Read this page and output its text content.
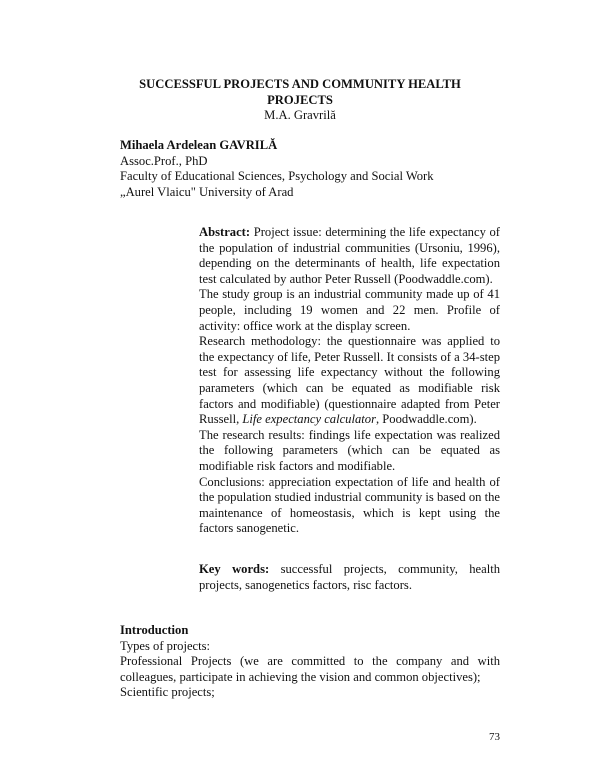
SUCCESSFUL PROJECTS AND COMMUNITY HEALTH PROJECTS
M.A. Gravrilă
Mihaela Ardelean GAVRILĂ
Assoc.Prof., PhD
Faculty of Educational Sciences, Psychology and Social Work
„Aurel Vlaicu" University of Arad

Abstract: Project issue: determining the life expectancy of the population of industrial communities (Ursoniu, 1996), depending on the determinants of health, life expectation test calculated by author Peter Russell (Poodwaddle.com).

The study group is an industrial community made up of 41 people, including 19 women and 22 men. Profile of activity: office work at the display screen.

Research methodology: the questionnaire was applied to the expectancy of life, Peter Russell. It consists of a 34-step test for assessing life expectancy without the following parameters (which can be equated as modifiable risk factors and modifiable) (questionnaire adapted from Peter Russell, Life expectancy calculator, Poodwaddle.com).

The research results: findings life expectation was realized the following parameters (which can be equated as modifiable risk factors and modifiable.

Conclusions: appreciation expectation of life and health of the population studied industrial community is based on the maintenance of homeostasis, which is kept using the factors sanogenetic.

Key words: successful projects, community, health projects, sanogenetics factors, risc factors.

Introduction

Types of projects:

Professional Projects (we are committed to the company and with colleagues, participate in achieving the vision and common objectives);

Scientific projects;

73
